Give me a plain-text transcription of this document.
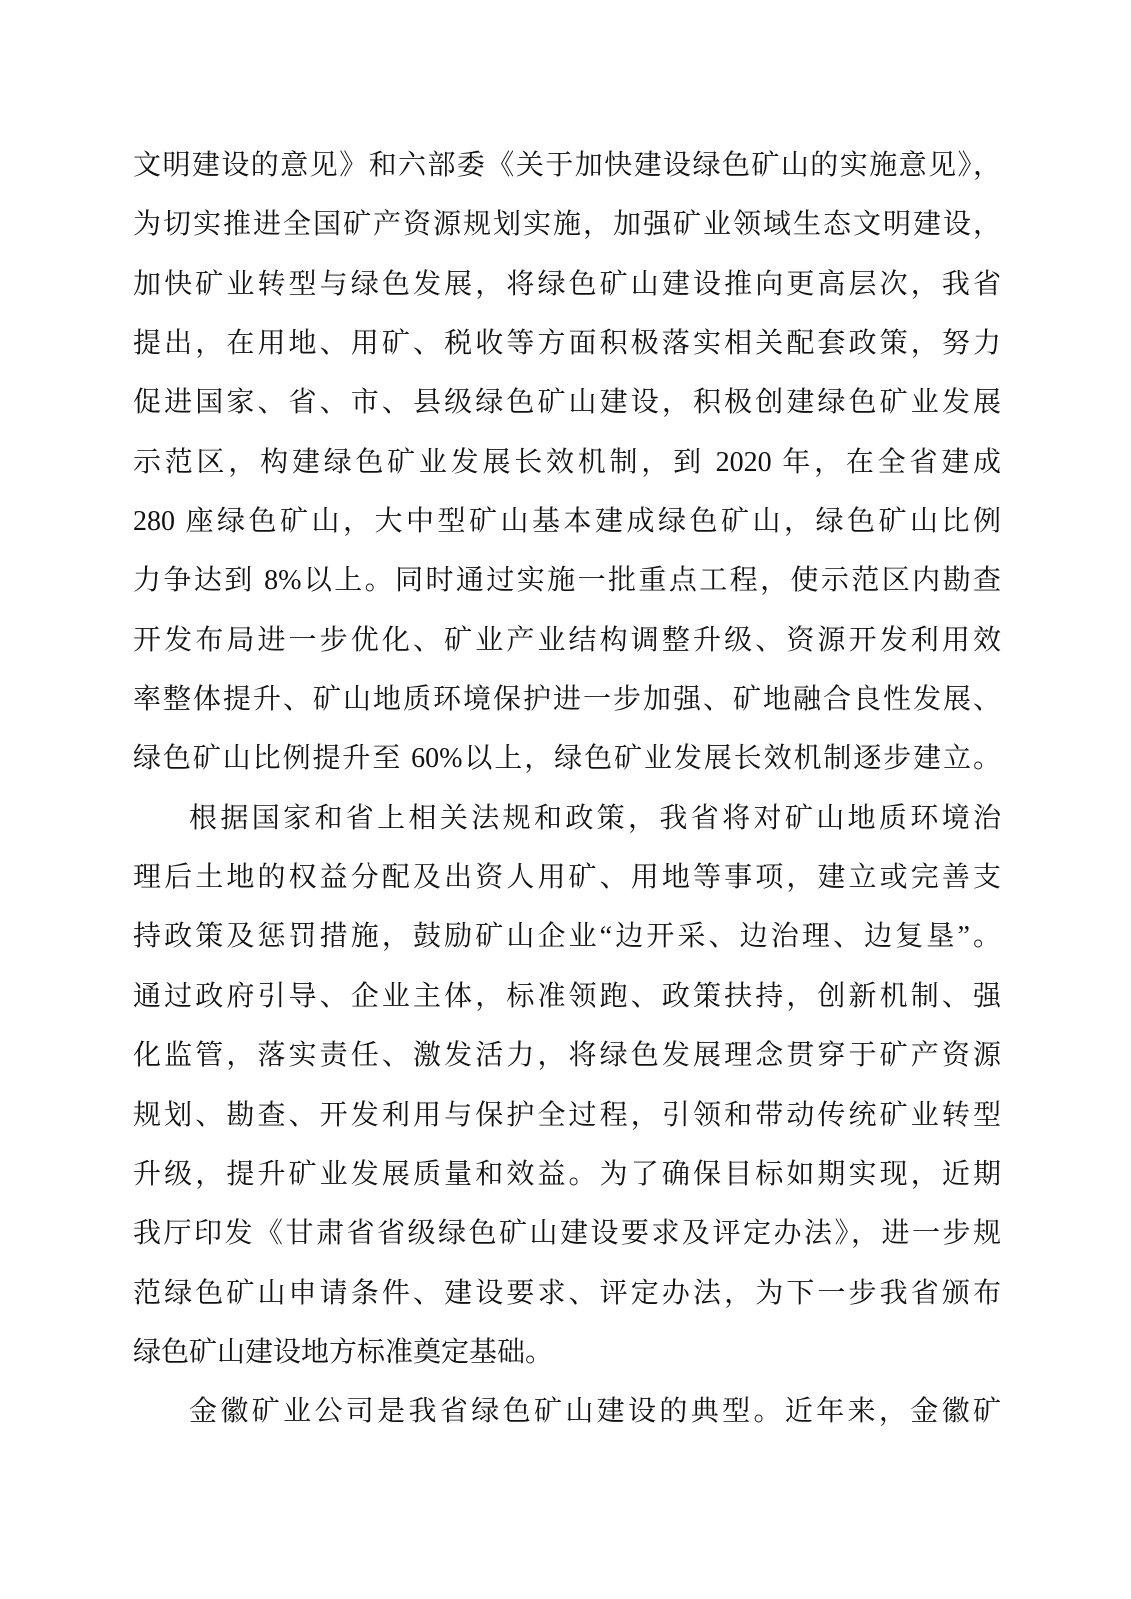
文明建设的意见》和六部委《关于加快建设绿色矿山的实施意见》，
为切实推进全国矿产资源规划实施，加强矿业领域生态文明建设，
加快矿业转型与绿色发展，将绿色矿山建设推向更高层次，我省
提出，在用地、用矿、税收等方面积极落实相关配套政策，努力
促进国家、省、市、县级绿色矿山建设，积极创建绿色矿业发展
示范区，构建绿色矿业发展长效机制，到 2020 年，在全省建成
280 座绿色矿山，大中型矿山基本建成绿色矿山，绿色矿山比例
力争达到 8%以上。同时通过实施一批重点工程，使示范区内勘查
开发布局进一步优化、矿业产业结构调整升级、资源开发利用效
率整体提升、矿山地质环境保护进一步加强、矿地融合良性发展、
绿色矿山比例提升至 60%以上，绿色矿业发展长效机制逐步建立。
根据国家和省上相关法规和政策，我省将对矿山地质环境治
理后土地的权益分配及出资人用矿、用地等事项，建立或完善支
持政策及惩罚措施，鼓励矿山企业“边开采、边治理、边复垦”。
通过政府引导、企业主体，标准领跑、政策扶持，创新机制、强
化监管，落实责任、激发活力，将绿色发展理念贯穿于矿产资源
规划、勘查、开发利用与保护全过程，引领和带动传统矿业转型
升级，提升矿业发展质量和效益。为了确保目标如期实现，近期
我厅印发《甘肃省省级绿色矿山建设要求及评定办法》，进一步规
范绿色矿山申请条件、建设要求、评定办法，为下一步我省颁布
绿色矿山建设地方标准奠定基础。
金徽矿业公司是我省绿色矿山建设的典型。近年来，金徽矿
